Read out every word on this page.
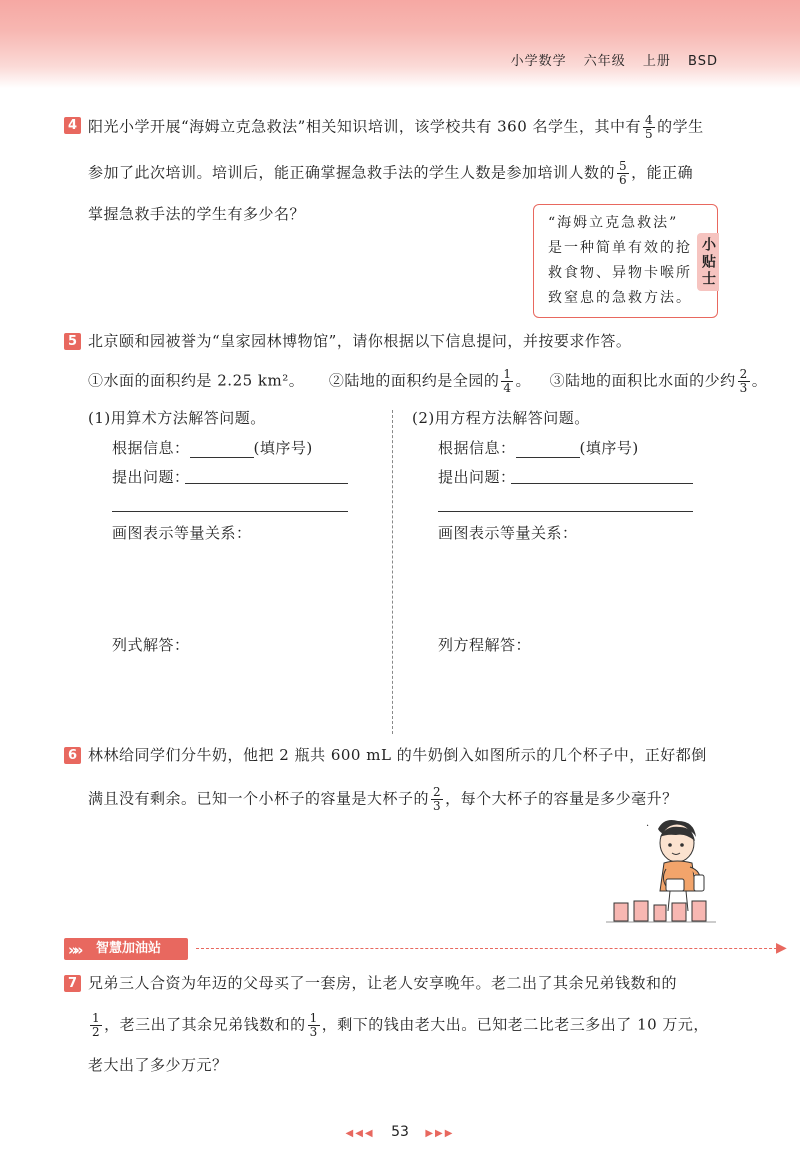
小学数学 六年级 上册 BSD
4 阳光小学开展“海姆立克急救法”相关知识培训，该学校共有 360 名学生，其中有 $\frac{4}{5}$ 的学生
参加了此次培训。培训后，能正确掌握急救手法的学生人数是参加培训人数的 $\frac{5}{6}$ ，能正确
掌握急救手法的学生有多少名？	“海姆立克急救法”
是一种简单有效的抢
救食物、异物卡喉所
致窒息的急救方法。
小贴士
5 北京颐和园被誉为“皇家园林博物馆”，请你根据以下信息提问，并按要求作答。
①水面的面积约是 2.25 km²。 ②陆地的面积约是全园的 $\frac{1}{4}$ 。 ③陆地的面积比水面的少约 $\frac{2}{3}$ 。
(1)用算术方法解答问题。
根据信息：	(填序号)
提出问题：
画图表示等量关系：
列式解答：
(2)用方程方法解答问题。
根据信息：	(填序号)
提出问题：
画图表示等量关系：
列方程解答：
6 林林给同学们分牛奶，他把 2 瓶共 600 mL 的牛奶倒入如图所示的几个杯子中，正好都倒
满且没有剩余。已知一个小杯子的容量是大杯子的 $\frac{2}{3}$ ，每个大杯子的容量是多少毫升？
·
»» 智慧加油站	▶
7 兄弟三人合资为年迈的父母买了一套房，让老人安享晚年。老二出了其余兄弟钱数和的
$\frac{1}{2}$ ，老三出了其余兄弟钱数和的 $\frac{1}{3}$ ，剩下的钱由老大出。已知老二比老三多出了 10 万元，
老大出了多少万元？
◀◀◀ 53 ▶▶▶
